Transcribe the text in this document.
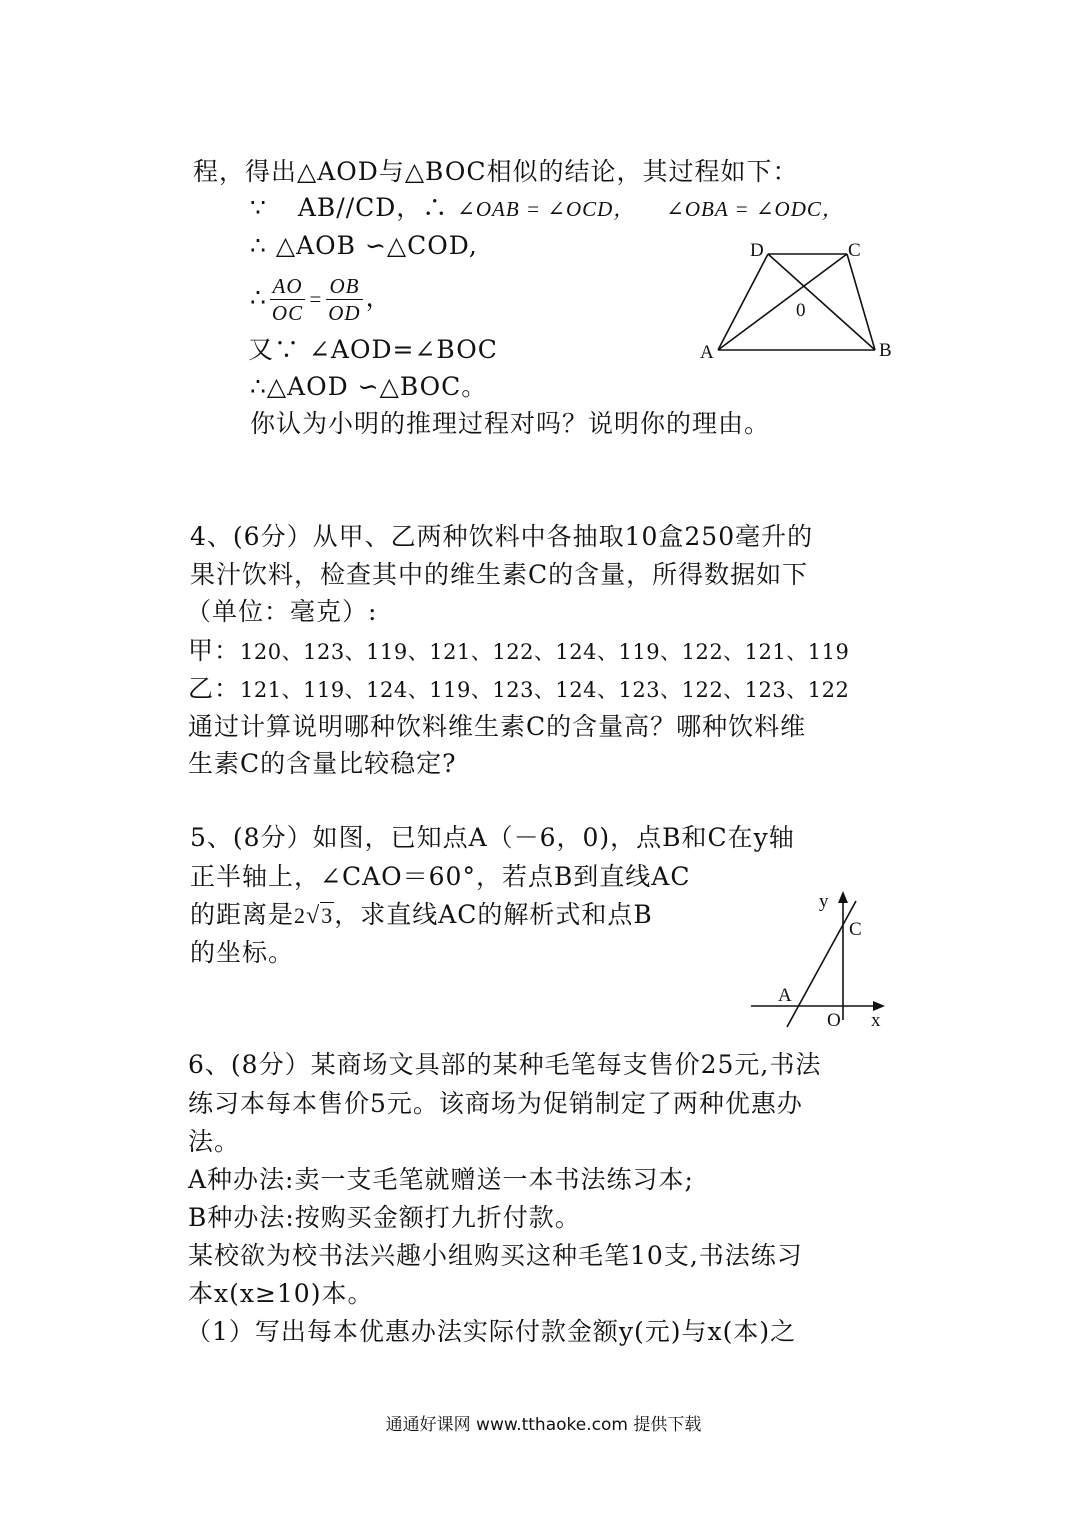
程，得出△AOD与△BOC相似的结论，其过程如下：
∵ AB//CD，∴ ∠OAB = ∠OCD， ∠OBA = ∠ODC，
∴ △AOB ∽△COD,
∴ $\frac{AO}{OC} = \frac{OB}{OD}$ ，
又∵ ∠AOD=∠BOC
∴△AOD ∽△BOC。
你认为小明的推理过程对吗？说明你的理由。
D	C
0
A	B
4、(6分）从甲、乙两种饮料中各抽取10盒250毫升的
果汁饮料，检查其中的维生素C的含量，所得数据如下
（单位：毫克）:
甲：120、123、119、121、122、124、119、122、121、119
乙：121、119、124、119、123、124、123、122、123、122
通过计算说明哪种饮料维生素C的含量高？哪种饮料维
生素C的含量比较稳定?
5、(8分）如图，已知点A（－6，0)，点B和C在y轴
正半轴上，∠CAO＝60°，若点B到直线AC
的距离是2√3，求直线AC的解析式和点B
的坐标。
y
C
A
O x
6、(8分）某商场文具部的某种毛笔每支售价25元,书法
练习本每本售价5元。该商场为促销制定了两种优惠办
法。
A种办法:卖一支毛笔就赠送一本书法练习本;
B种办法:按购买金额打九折付款。
某校欲为校书法兴趣小组购买这种毛笔10支,书法练习
本x(x≥10)本。
（1）写出每本优惠办法实际付款金额y(元)与x(本)之
通通好课网 www.tthaoke.com 提供下载
